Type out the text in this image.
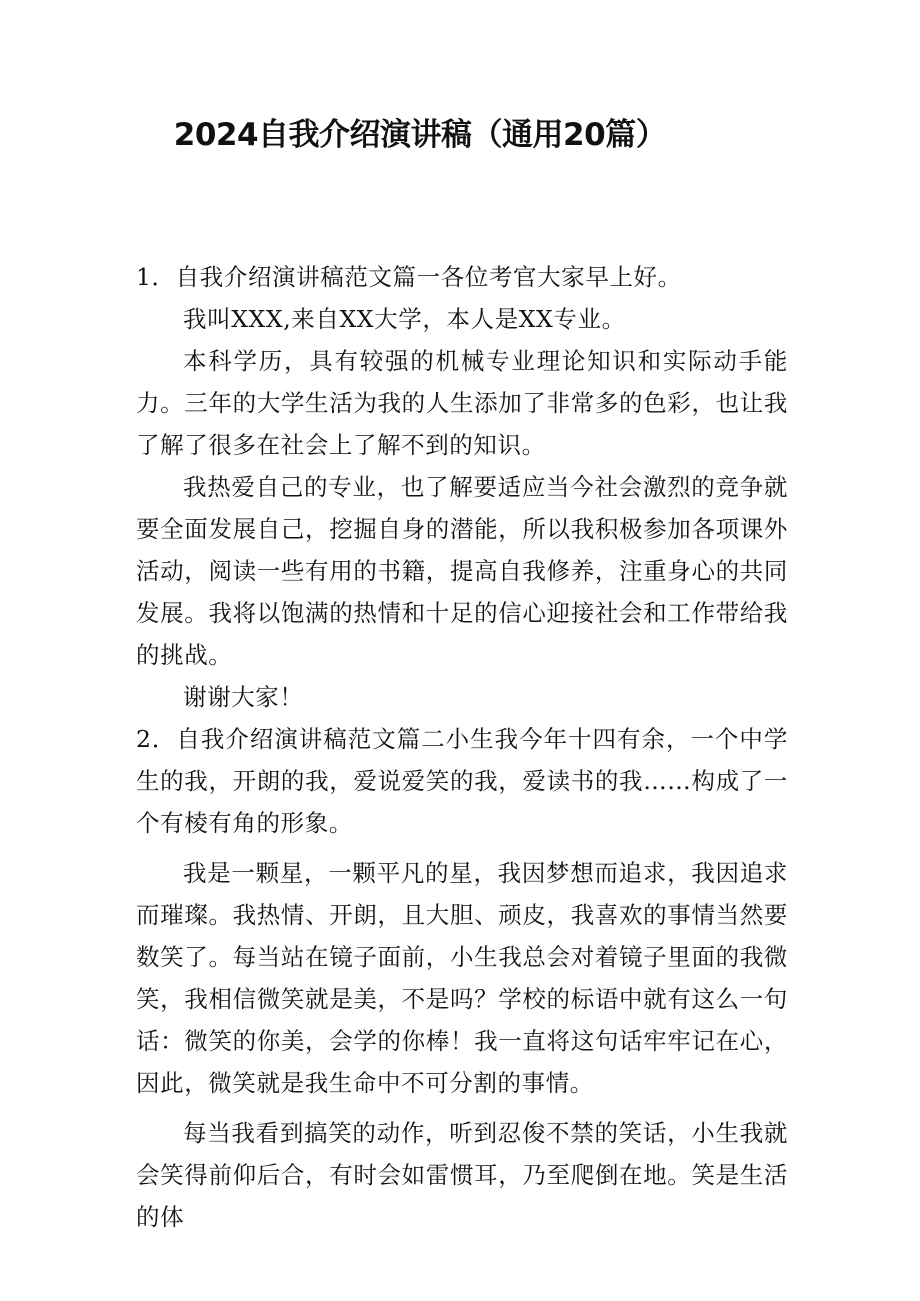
2024自我介绍演讲稿（通用20篇）

1．自我介绍演讲稿范文篇一各位考官大家早上好。

我叫XXX,来自XX大学，本人是XX专业。

本科学历，具有较强的机械专业理论知识和实际动手能力。三年的大学生活为我的人生添加了非常多的色彩，也让我了解了很多在社会上了解不到的知识。

我热爱自己的专业，也了解要适应当今社会激烈的竞争就要全面发展自己，挖掘自身的潜能，所以我积极参加各项课外活动，阅读一些有用的书籍，提高自我修养，注重身心的共同发展。我将以饱满的热情和十足的信心迎接社会和工作带给我的挑战。

谢谢大家！

2．自我介绍演讲稿范文篇二小生我今年十四有余，一个中学生的我，开朗的我，爱说爱笑的我，爱读书的我……构成了一个有棱有角的形象。

我是一颗星，一颗平凡的星，我因梦想而追求，我因追求而璀璨。我热情、开朗，且大胆、顽皮，我喜欢的事情当然要数笑了。每当站在镜子面前，小生我总会对着镜子里面的我微笑，我相信微笑就是美，不是吗？学校的标语中就有这么一句话：微笑的你美，会学的你棒！我一直将这句话牢牢记在心，因此，微笑就是我生命中不可分割的事情。

每当我看到搞笑的动作，听到忍俊不禁的笑话，小生我就会笑得前仰后合，有时会如雷惯耳，乃至爬倒在地。笑是生活的体
